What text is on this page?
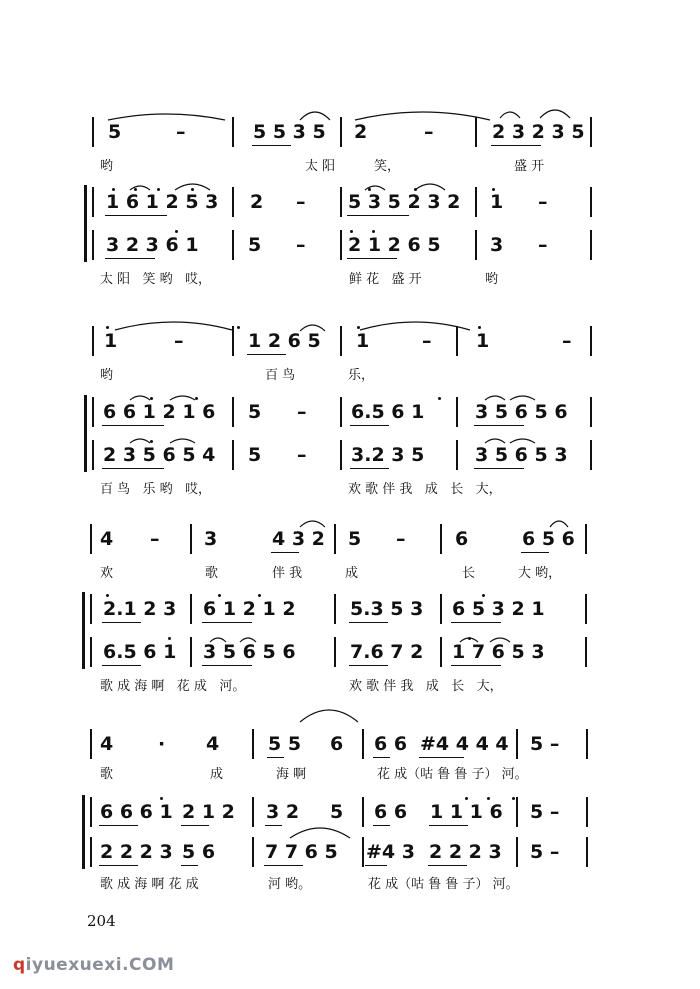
5	–	5 5 3 5 2	–	2 3 2 3 5
哟	太 阳	笑，	盛 开
1 6 1 2 5 3 2 – 5 3 5 2 3 2 1 –
3 2 3 6 1	5 – 2 1 2 6 5	3 –
太 阳   笑 哟   哎，	鲜 花   盛 开	哟
1	–	1 2 6 5 1	– 1	–
哟	百 鸟	乐，
6 6 1 2 1 6 5 – 6.5 6 1	3 5 6 5 6
2 3 5 6 5 4 5 – 3.2 3 5	3 5 6 5 3
百 鸟   乐 哟   哎，	欢 歌 伴 我   成   长   大，
4 – 3	4 3 2 5 –	6	6 5 6
欢	歌	伴 我	成	长	大 哟，
2.1 2 3 6 1 2 1 2	5.3 5 3 6 5 3 2 1
6.5 6 1 3 5 6 5 6	7.6 7 2 1 7 6 5 3
歌 成 海 啊   花 成   河。	欢 歌 伴 我   成   长   大，
4 · 4	5 5 6 6 6 #4 4 4 4 5 –
歌	成	海 啊	花 成（咕 鲁 鲁 子） 河。
6 6 6 1 2 1 2 3 2 5 6 6 1 1 1 6 5 –
2 2 2 3 5 6	7 7 6 5 #4 3 2 2 2 3 5 –
歌 成 海 啊 花 成	河 哟。	花 成（咕 鲁 鲁 子） 河。
204
qiyuexuexi.COM
